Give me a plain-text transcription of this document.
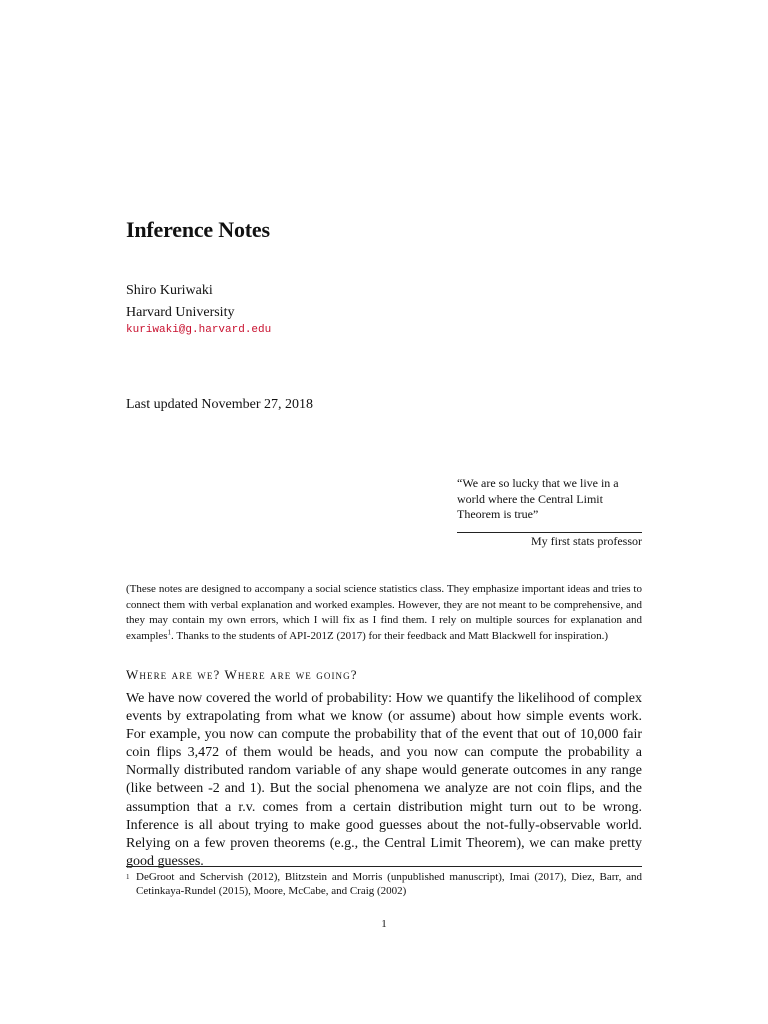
Inference Notes
Shiro Kuriwaki
Harvard University
kuriwaki@g.harvard.edu
Last updated November 27, 2018
“We are so lucky that we live in a world where the Central Limit Theorem is true”
My first stats professor
(These notes are designed to accompany a social science statistics class. They emphasize important ideas and tries to connect them with verbal explanation and worked examples. However, they are not meant to be comprehensive, and they may contain my own errors, which I will fix as I find them. I rely on multiple sources for explanation and examples$^1$. Thanks to the students of API-201Z (2017) for their feedback and Matt Blackwell for inspiration.)
Where are we? Where are we going?
We have now covered the world of probability: How we quantify the likelihood of complex events by extrapolating from what we know (or assume) about how simple events work. For example, you now can compute the probability that of the event that out of 10,000 fair coin flips 3,472 of them would be heads, and you now can compute the probability a Normally distributed random variable of any shape would generate outcomes in any range (like between -2 and 1). But the social phenomena we analyze are not coin flips, and the assumption that a r.v. comes from a certain distribution might turn out to be wrong. Inference is all about trying to make good guesses about the not-fully-observable world. Relying on a few proven theorems (e.g., the Central Limit Theorem), we can make pretty good guesses.
1 DeGroot and Schervish (2012), Blitzstein and Morris (unpublished manuscript), Imai (2017), Diez, Barr, and Cetinkaya-Rundel (2015), Moore, McCabe, and Craig (2002)
1
